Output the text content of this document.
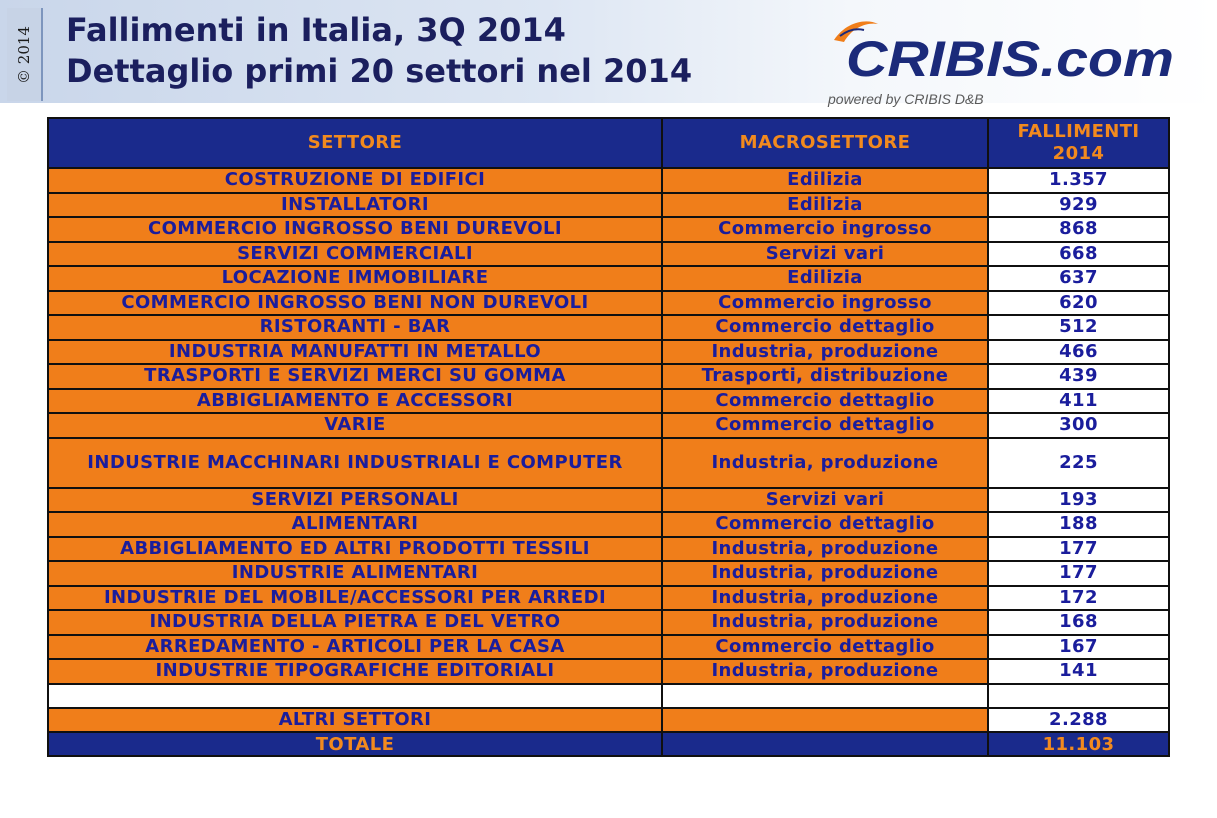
© 2014 Fallimenti in Italia, 3Q 2014
Dettaglio primi 20 settori nel 2014	CRIBIS.com
powered by CRIBIS D&B
SETTORE	MACROSETTORE	FALLIMENTI 2014
COSTRUZIONE DI EDIFICI	Edilizia	1.357
INSTALLATORI	Edilizia	929
COMMERCIO INGROSSO BENI DUREVOLI	Commercio ingrosso	868
SERVIZI COMMERCIALI	Servizi vari	668
LOCAZIONE IMMOBILIARE	Edilizia	637
COMMERCIO INGROSSO BENI NON DUREVOLI	Commercio ingrosso	620
RISTORANTI - BAR	Commercio dettaglio	512
INDUSTRIA MANUFATTI IN METALLO	Industria, produzione	466
TRASPORTI E SERVIZI MERCI SU GOMMA	Trasporti, distribuzione	439
ABBIGLIAMENTO E ACCESSORI	Commercio dettaglio	411
VARIE	Commercio dettaglio	300
INDUSTRIE MACCHINARI INDUSTRIALI E COMPUTER	Industria, produzione	225
SERVIZI PERSONALI	Servizi vari	193
ALIMENTARI	Commercio dettaglio	188
ABBIGLIAMENTO ED ALTRI PRODOTTI TESSILI	Industria, produzione	177
INDUSTRIE ALIMENTARI	Industria, produzione	177
INDUSTRIE DEL MOBILE/ACCESSORI PER ARREDI	Industria, produzione	172
INDUSTRIA DELLA PIETRA E DEL VETRO	Industria, produzione	168
ARREDAMENTO - ARTICOLI PER LA CASA	Commercio dettaglio	167
INDUSTRIE TIPOGRAFICHE EDITORIALI	Industria, produzione	141

ALTRI SETTORI		2.288
TOTALE		11.103
